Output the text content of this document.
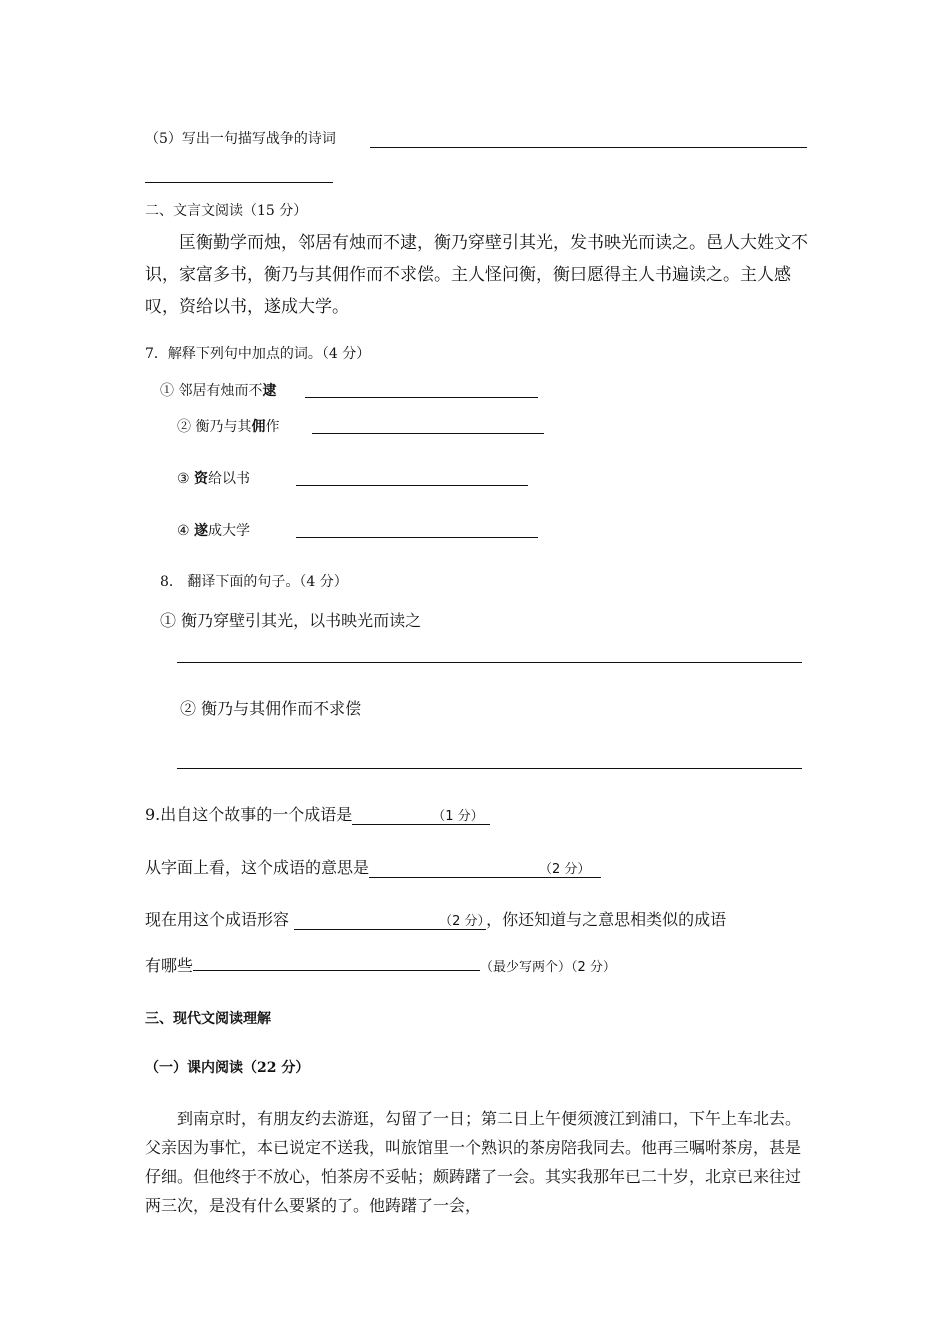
（5）写出一句描写战争的诗词
二、文言文阅读（15 分）
匡衡勤学而烛，邻居有烛而不逮，衡乃穿壁引其光，发书映光而读之。邑人大姓文不识，家富多书，衡乃与其佣作而不求偿。主人怪问衡，衡曰愿得主人书遍读之。主人感叹，资给以书，遂成大学。
7．解释下列句中加点的词。（4 分）
① 邻居有烛而不逮
② 衡乃与其佣作
③ 资给以书
④ 遂成大学
8． 翻译下面的句子。（4 分）
① 衡乃穿壁引其光，以书映光而读之
② 衡乃与其佣作而不求偿
9.出自这个故事的一个成语是	（1 分）
从字面上看，这个成语的意思是	（2 分）
现在用这个成语形容	（2 分），你还知道与之意思相类似的成语
有哪些	（最少写两个）（2 分）
三、现代文阅读理解
（一）课内阅读（22 分）
到南京时，有朋友约去游逛，勾留了一日；第二日上午便须渡江到浦口，下午上车北去。父亲因为事忙，本已说定不送我，叫旅馆里一个熟识的茶房陪我同去。他再三嘱咐茶房，甚是仔细。但他终于不放心，怕茶房不妥帖；颇踌躇了一会。其实我那年已二十岁，北京已来往过两三次，是没有什么要紧的了。他踌躇了一会，
